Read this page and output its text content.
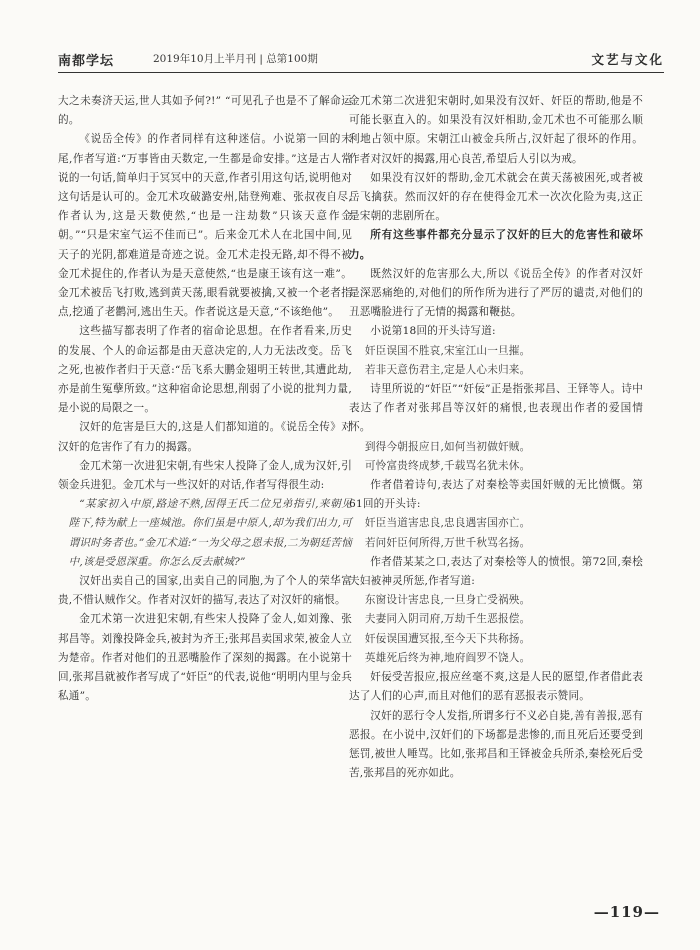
南都学坛	2019年10月上半月刊 | 总第100期	文艺与文化

大之未奏济天运,世人其如予何?!” “可见孔子也是不了解命运的。

《说岳全传》的作者同样有这种迷信。小说第一回的末尾,作者写道:“万事皆由天数定,一生都是命安排。”这是古人常说的一句话,简单归于冥冥中的天意,作者引用这句话,说明他对这句话是认可的。金兀术攻破潞安州,陆登殉难、张叔夜自尽,作者认为,这是天数使然,“也是一注劫数”只该天意作金朝。”“只是宋室气运不佳而已”。后来金兀术人在北国中间,见天子的光阴,都难道是奇迹之说。金兀术走投无路,却不得不被金兀术捉住的,作者认为是天意使然,“也是康王该有这一难”。金兀术被岳飞打败,逃到黄天荡,眼看就要被擒,又被一个老者指点,挖通了老鹳河,逃出生天。作者说这是天意,“不该绝他”。

这些描写都表明了作者的宿命论思想。在作者看来,历史的发展、个人的命运都是由天意决定的,人力无法改变。岳飞之死,也被作者归于天意:“岳飞系大鹏金翅明王转世,其遭此劫,亦是前生冤孽所致。”这种宿命论思想,削弱了小说的批判力量,是小说的局限之一。

汉奸的危害是巨大的,这是人们都知道的。《说岳全传》对汉奸的危害作了有力的揭露。

金兀术第一次进犯宋朝,有些宋人投降了金人,成为汉奸,引领金兵进犯。金兀术与一些汉奸的对话,作者写得很生动:

“某家初入中原,路途不熟,因得王氏二位兄弟指引,来朝见陛下,特为献上一座城池。你们虽是中原人,却为我们出力,可谓识时务者也。”金兀术道:“一为父母之恩未报,二为朝廷苦恼中,该是受恩深重。你怎么反去献城?”

汉奸出卖自己的国家,出卖自己的同胞,为了个人的荣华富贵,不惜认贼作父。作者对汉奸的描写,表达了对汉奸的痛恨。

金兀术第一次进犯宋朝,有些宋人投降了金人,如刘豫、张邦昌等。刘豫投降金兵,被封为齐王;张邦昌卖国求荣,被金人立为楚帝。作者对他们的丑恶嘴脸作了深刻的揭露。在小说第十回,张邦昌就被作者写成了“奸臣”的代表,说他“明明内里与金兵私通”。

金兀术第二次进犯宋朝时,如果没有汉奸、奸臣的帮助,他是不可能长驱直入的。如果没有汉奸相助,金兀术也不可能那么顺利地占领中原。宋朝江山被金兵所占,汉奸起了很坏的作用。作者对汉奸的揭露,用心良苦,希望后人引以为戒。

如果没有汉奸的帮助,金兀术就会在黄天荡被困死,或者被岳飞擒获。然而汉奸的存在使得金兀术一次次化险为夷,这正是宋朝的悲剧所在。

所有这些事件都充分显示了汉奸的巨大的危害性和破坏力。

既然汉奸的危害那么大,所以《说岳全传》的作者对汉奸是深恶痛绝的,对他们的所作所为进行了严厉的谴责,对他们的丑恶嘴脸进行了无情的揭露和鞭挞。

小说第18回的开头诗写道:

奸臣误国不胜哀,宋室江山一旦摧。

若非天意伤君主,定是人心未归来。

诗里所说的“奸臣”“奸佞”正是指张邦昌、王铎等人。诗中表达了作者对张邦昌等汉奸的痛恨,也表现出作者的爱国情怀。

到得今朝报应日,如何当初做奸贼。

可怜富贵终成梦,千载骂名犹未休。

作者借着诗句,表达了对秦桧等卖国奸贼的无比愤慨。第61回的开头诗:

奸臣当道害忠良,忠良遇害国亦亡。

若问奸臣何所得,万世千秋骂名扬。

作者借某某之口,表达了对秦桧等人的愤恨。第72回,秦桧夫妇被神灵所惩,作者写道:

东窗设计害忠良,一旦身亡受祸殃。

夫妻同入阴司府,万劫千生恶报偿。

奸佞误国遭冥报,至今天下共称扬。

英雄死后终为神,地府阎罗不饶人。

奸佞受苦报应,报应丝毫不爽,这是人民的愿望,作者借此表达了人们的心声,而且对他们的恶有恶报表示赞同。

汉奸的恶行令人发指,所谓多行不义必自毙,善有善报,恶有恶报。在小说中,汉奸们的下场都是悲惨的,而且死后还要受到惩罚,被世人唾骂。比如,张邦昌和王铎被金兵所杀,秦桧死后受苦,张邦昌的死亦如此。

—119—
